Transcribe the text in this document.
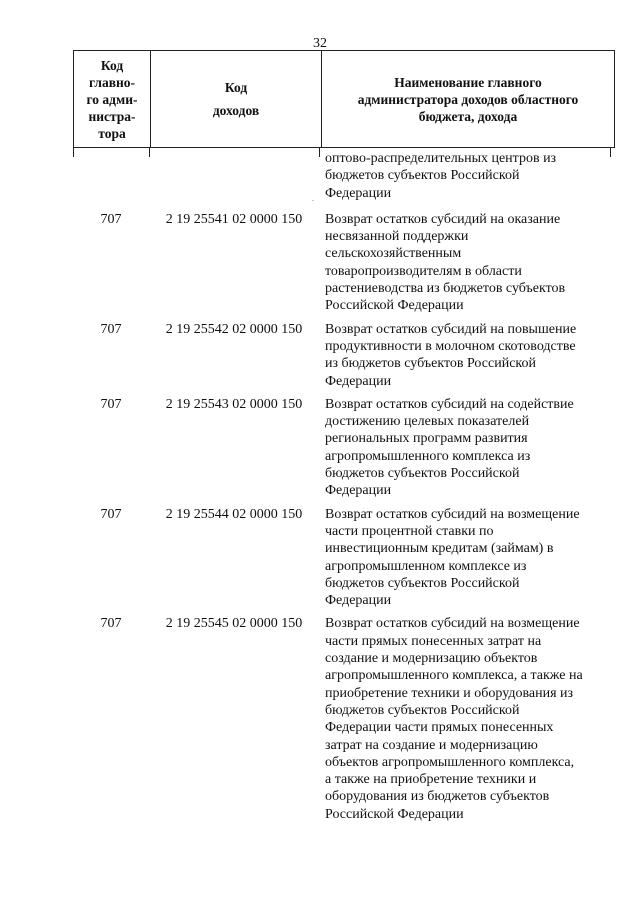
32
Код
главно-
го адми-
нистра-
тора

Код
доходов

Наименование главного
администратора доходов областного
бюджета, дохода
оптово-распределительных центров из
бюджетов субъектов Российской
Федерации
.
707	2 19 25541 02 0000 150	Возврат остатков субсидий на оказание
несвязанной поддержки
сельскохозяйственным
товаропроизводителям в области
растениеводства из бюджетов субъектов
Российской Федерации
707	2 19 25542 02 0000 150	Возврат остатков субсидий на повышение
продуктивности в молочном скотоводстве
из бюджетов субъектов Российской
Федерации
707	2 19 25543 02 0000 150	Возврат остатков субсидий на содействие
достижению целевых показателей
региональных программ развития
агропромышленного комплекса из
бюджетов субъектов Российской
Федерации
707	2 19 25544 02 0000 150	Возврат остатков субсидий на возмещение
части процентной ставки по
инвестиционным кредитам (займам) в
агропромышленном комплексе из
бюджетов субъектов Российской
Федерации
707	2 19 25545 02 0000 150	Возврат остатков субсидий на возмещение
части прямых понесенных затрат на
создание и модернизацию объектов
агропромышленного комплекса, а также на
приобретение техники и оборудования из
бюджетов субъектов Российской
Федерации части прямых понесенных
затрат на создание и модернизацию
объектов агропромышленного комплекса,
а также на приобретение техники и
оборудования из бюджетов субъектов
Российской Федерации
